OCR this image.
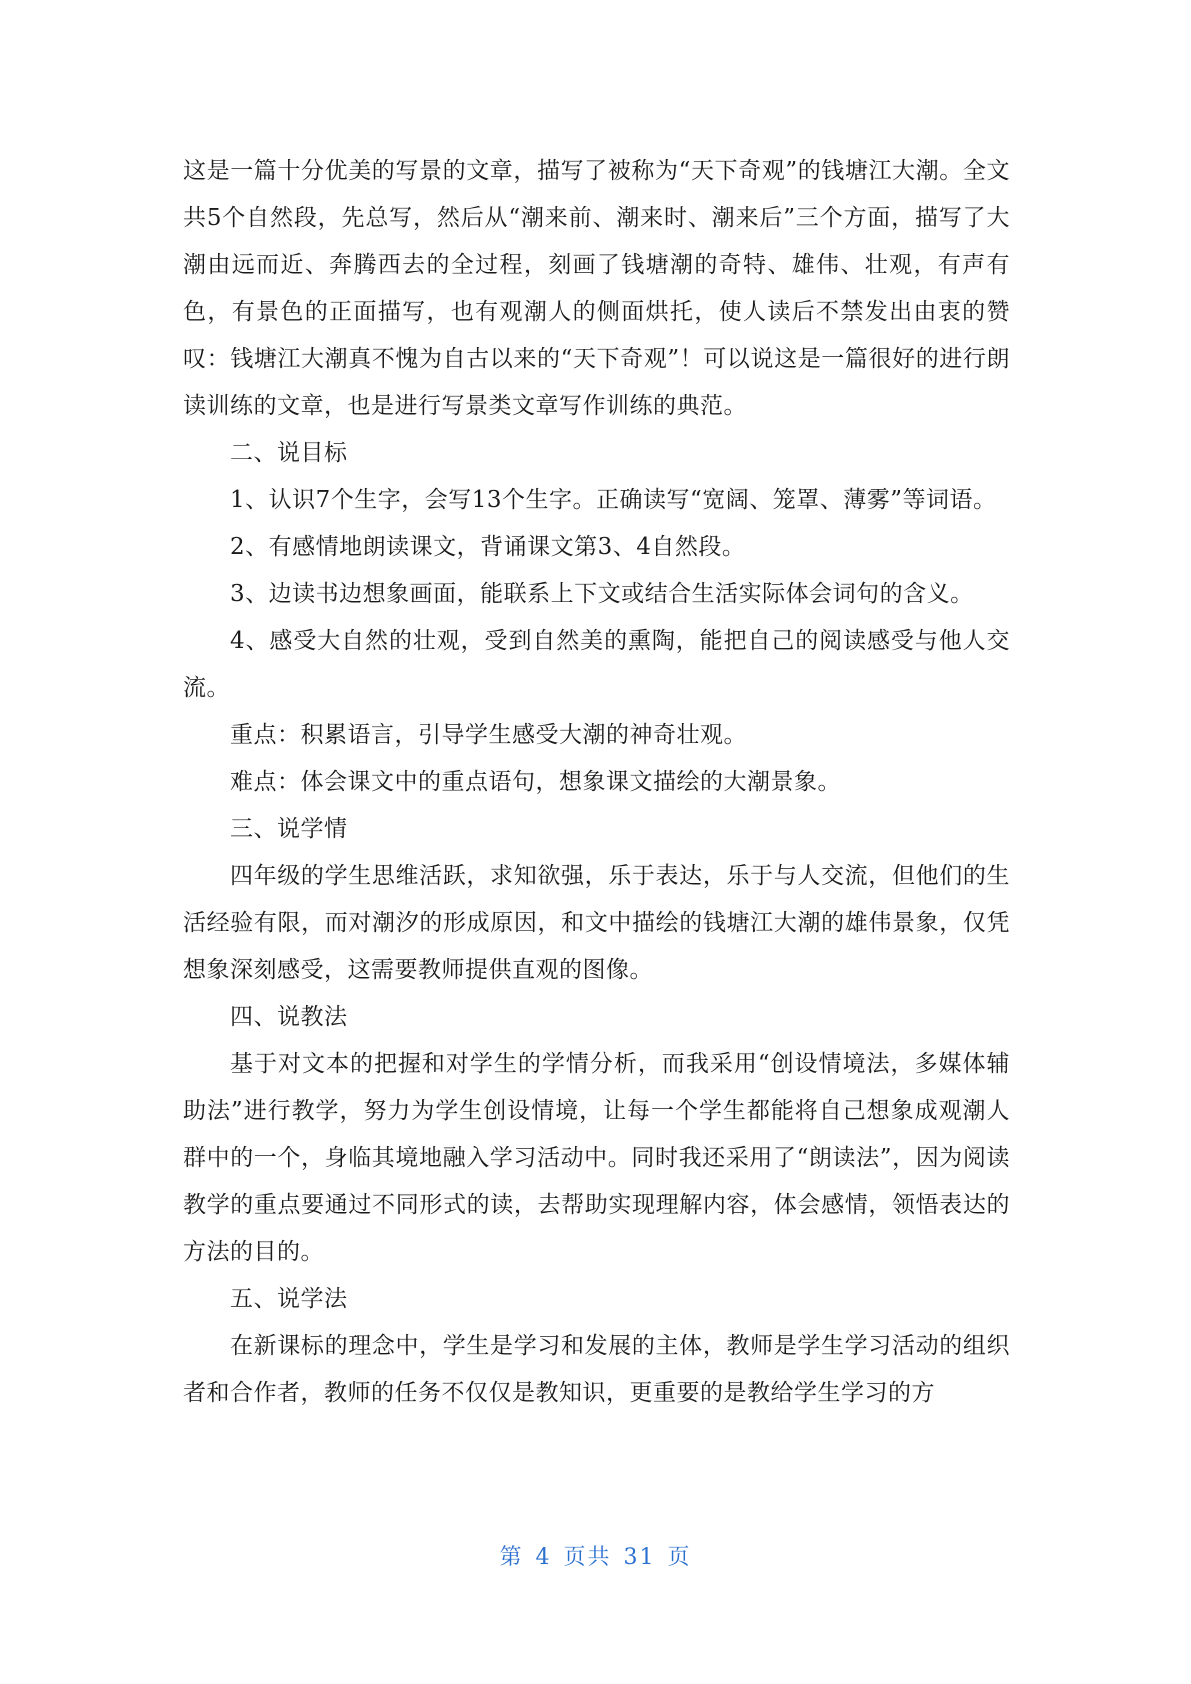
这是一篇十分优美的写景的文章，描写了被称为“天下奇观”的钱塘江大潮。全文共5个自然段，先总写，然后从“潮来前、潮来时、潮来后”三个方面，描写了大潮由远而近、奔腾西去的全过程，刻画了钱塘潮的奇特、雄伟、壮观，有声有色，有景色的正面描写，也有观潮人的侧面烘托，使人读后不禁发出由衷的赞叹：钱塘江大潮真不愧为自古以来的“天下奇观”！可以说这是一篇很好的进行朗读训练的文章，也是进行写景类文章写作训练的典范。

二、说目标

1、认识7个生字，会写13个生字。正确读写“宽阔、笼罩、薄雾”等词语。

2、有感情地朗读课文，背诵课文第3、4自然段。

3、边读书边想象画面，能联系上下文或结合生活实际体会词句的含义。

4、感受大自然的壮观，受到自然美的熏陶，能把自己的阅读感受与他人交流。

重点：积累语言，引导学生感受大潮的神奇壮观。

难点：体会课文中的重点语句，想象课文描绘的大潮景象。

三、说学情

四年级的学生思维活跃，求知欲强，乐于表达，乐于与人交流，但他们的生活经验有限，而对潮汐的形成原因，和文中描绘的钱塘江大潮的雄伟景象，仅凭想象深刻感受，这需要教师提供直观的图像。

四、说教法

基于对文本的把握和对学生的学情分析，而我采用“创设情境法，多媒体辅助法”进行教学，努力为学生创设情境，让每一个学生都能将自己想象成观潮人群中的一个，身临其境地融入学习活动中。同时我还采用了“朗读法”，因为阅读教学的重点要通过不同形式的读，去帮助实现理解内容，体会感情，领悟表达的方法的目的。

五、说学法

在新课标的理念中，学生是学习和发展的主体，教师是学生学习活动的组织者和合作者，教师的任务不仅仅是教知识，更重要的是教给学生学习的方

第 4 页共 31 页
